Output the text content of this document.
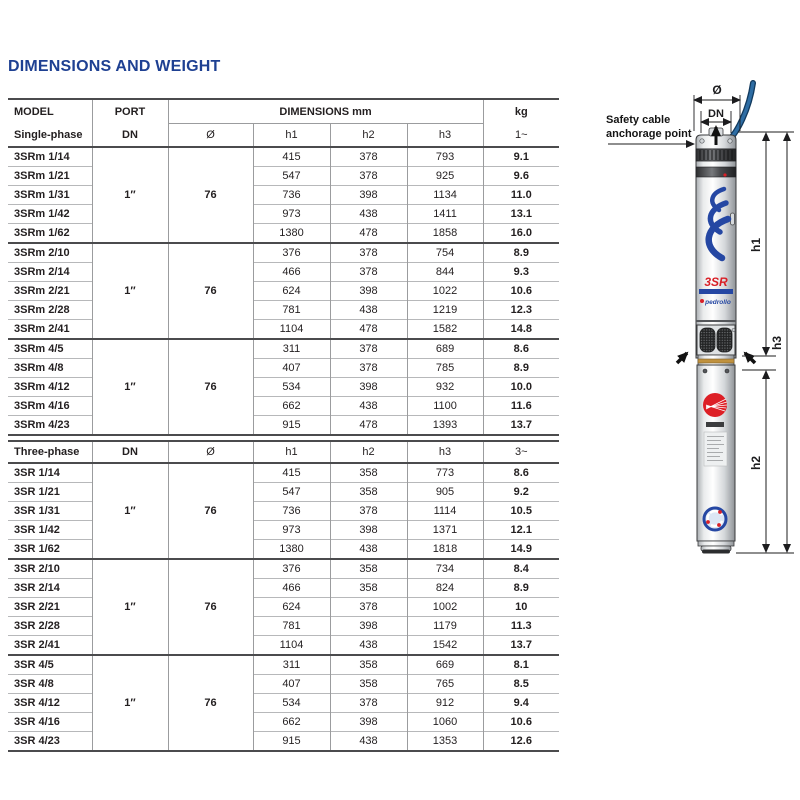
DIMENSIONS AND WEIGHT
MODEL	PORT	DIMENSIONS mm				kg
Single-phase	DN	Ø	h1	h2	h3	1~
3SRm 1/14	1″	76	415	378	793	9.1
3SRm 1/21			547	378	925	9.6
3SRm 1/31			736	398	1134	11.0
3SRm 1/42			973	438	1411	13.1
3SRm 1/62			1380	478	1858	16.0
3SRm 2/10	1″	76	376	378	754	8.9
3SRm 2/14			466	378	844	9.3
3SRm 2/21			624	398	1022	10.6
3SRm 2/28			781	438	1219	12.3
3SRm 2/41			1104	478	1582	14.8
3SRm 4/5	1″	76	311	378	689	8.6
3SRm 4/8			407	378	785	8.9
3SRm 4/12			534	398	932	10.0
3SRm 4/16			662	438	1100	11.6
3SRm 4/23			915	478	1393	13.7
Three-phase	DN	Ø	h1	h2	h3	3~
3SR 1/14	1″	76	415	358	773	8.6
3SR 1/21			547	358	905	9.2
3SR 1/31			736	378	1114	10.5
3SR 1/42			973	398	1371	12.1
3SR 1/62			1380	438	1818	14.9
3SR 2/10	1″	76	376	358	734	8.4
3SR 2/14			466	358	824	8.9
3SR 2/21			624	378	1002	10
3SR 2/28			781	398	1179	11.3
3SR 2/41			1104	438	1542	13.7
3SR 4/5	1″	76	311	358	669	8.1
3SR 4/8			407	358	765	8.5
3SR 4/12			534	378	912	9.4
3SR 4/16			662	398	1060	10.6
3SR 4/23			915	438	1353	12.6
3SR
pedrollo
Ø
DN
Safety cable
anchorage point
h1
h2
h3
